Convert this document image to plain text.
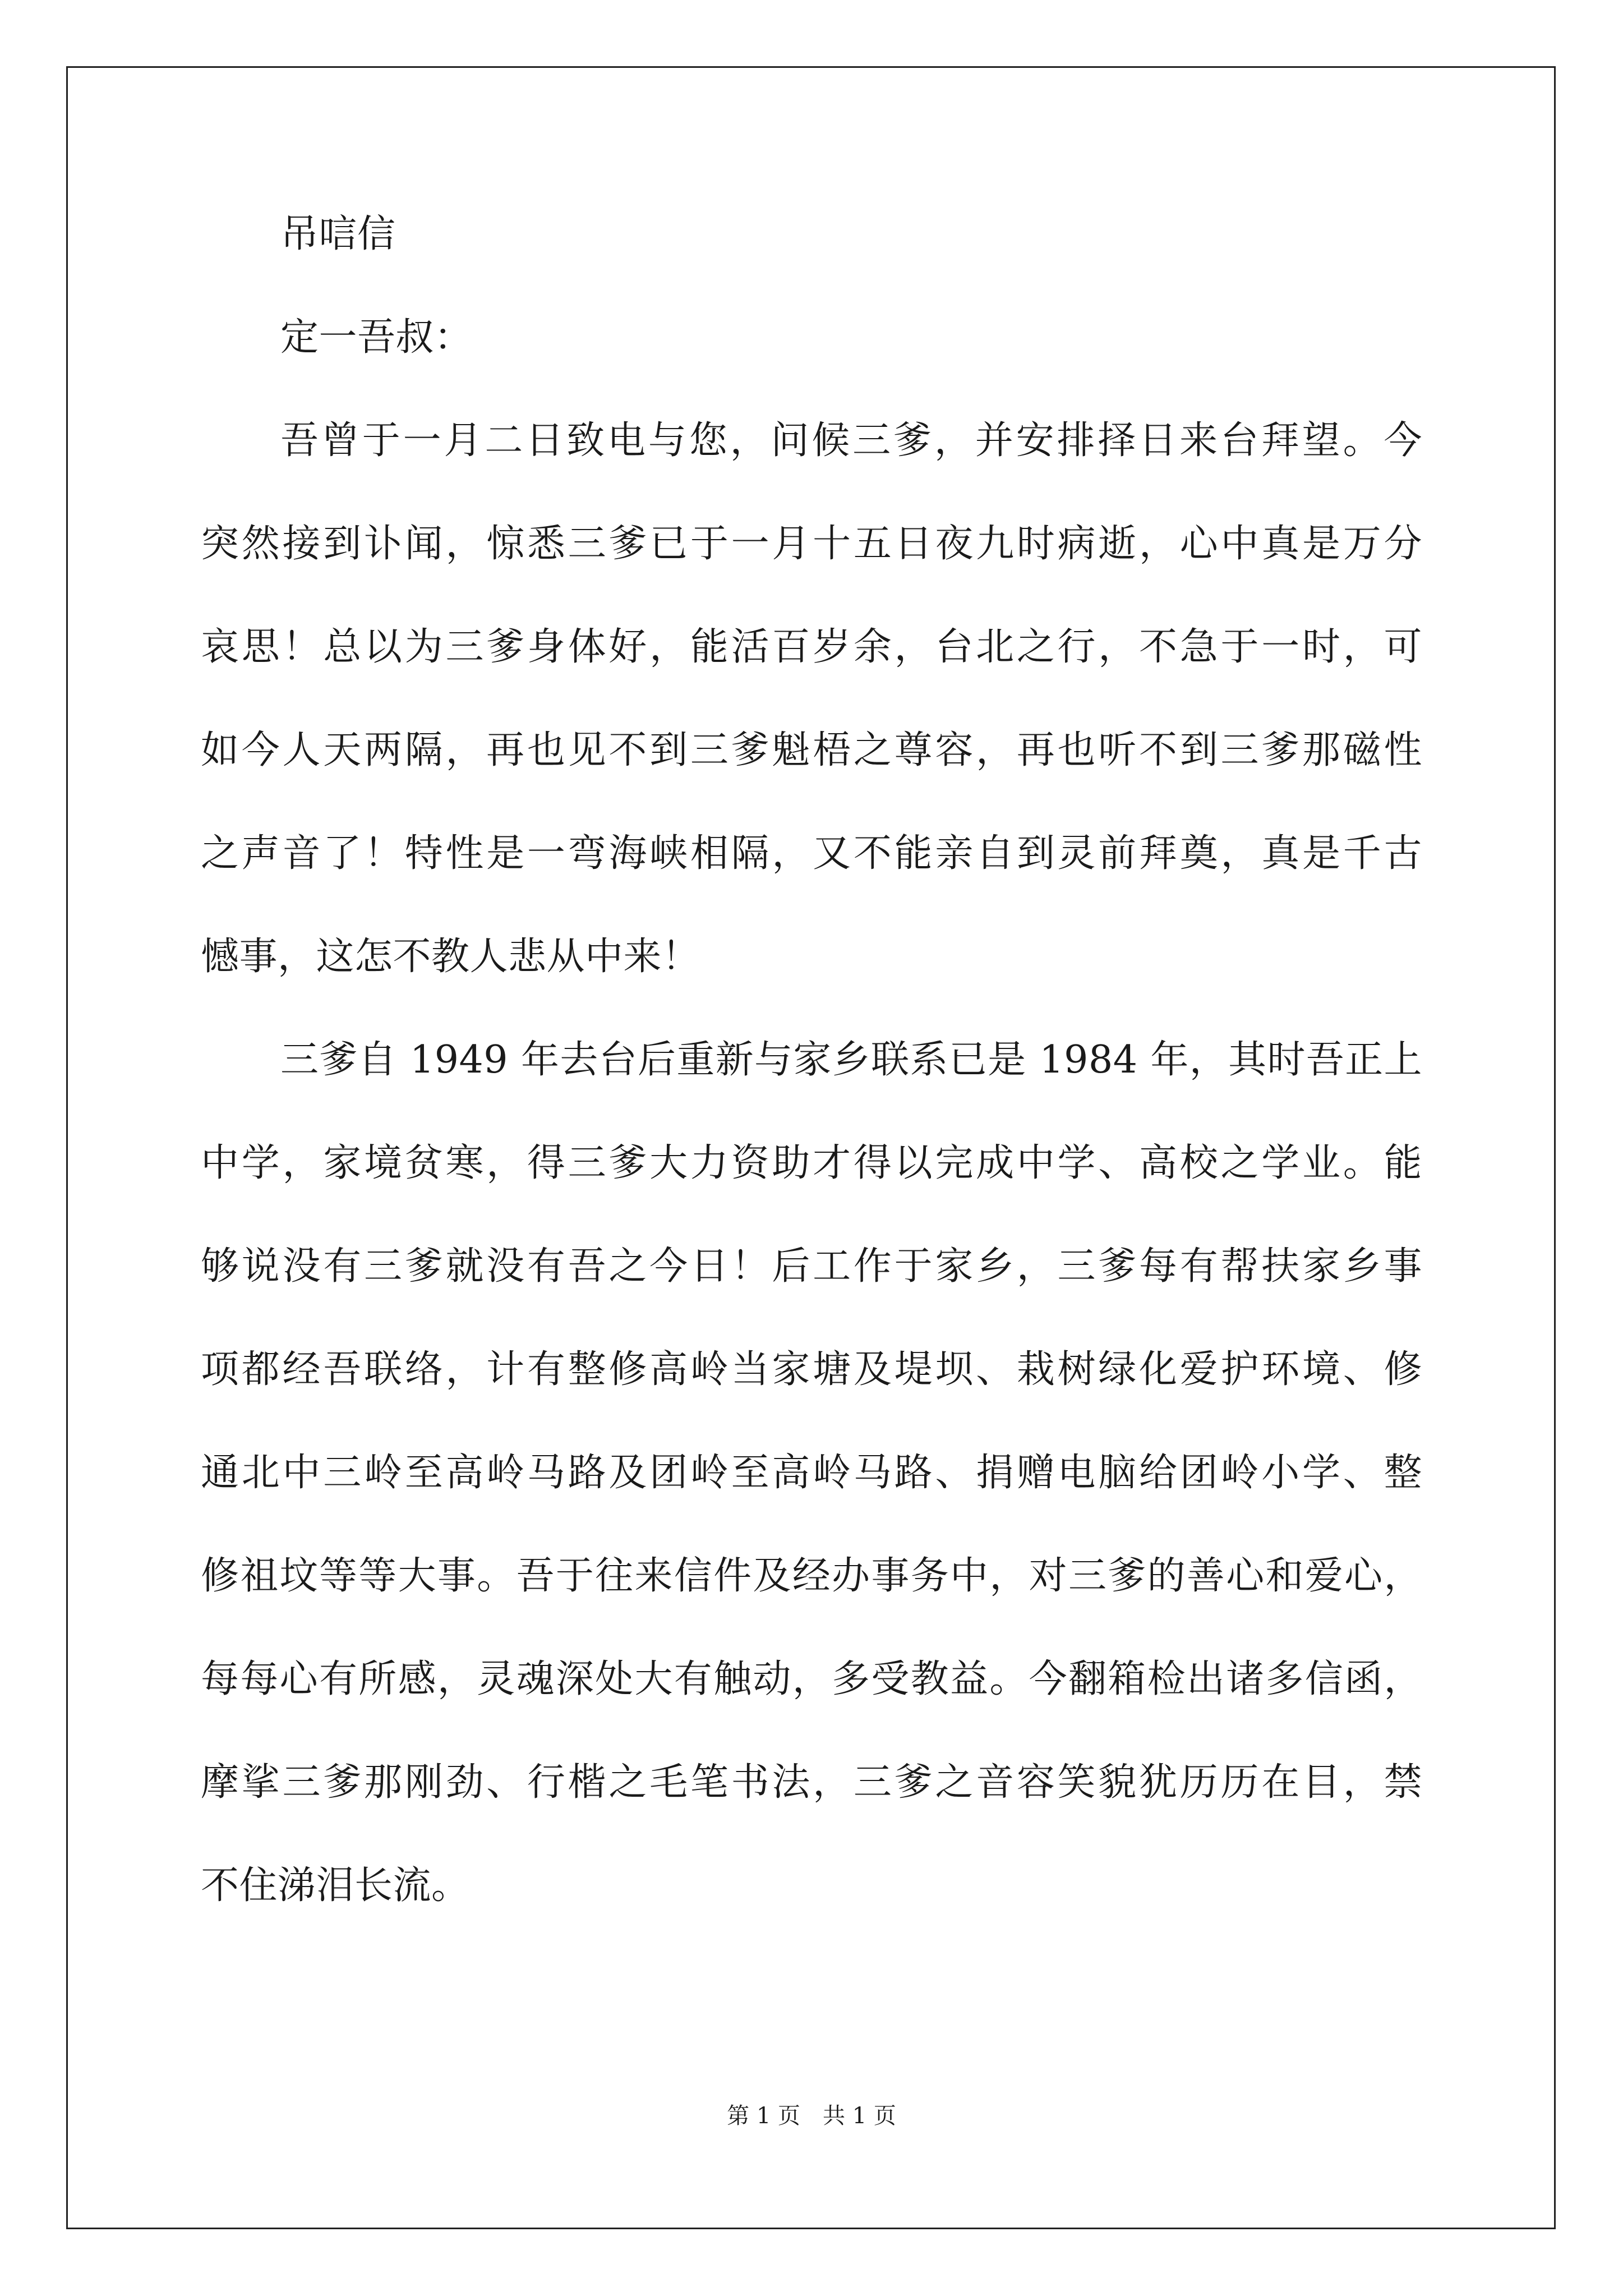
吊唁信
定一吾叔：
吾曾于一月二日致电与您，问候三爹，并安排择日来台拜望。今
突然接到讣闻，惊悉三爹已于一月十五日夜九时病逝，心中真是万分
哀思！总以为三爹身体好，能活百岁余，台北之行，不急于一时，可
如今人天两隔，再也见不到三爹魁梧之尊容，再也听不到三爹那磁性
之声音了！特性是一弯海峡相隔，又不能亲自到灵前拜奠，真是千古
憾事，这怎不教人悲从中来！
三爹自 1949 年去台后重新与家乡联系已是 1984 年，其时吾正上
中学，家境贫寒，得三爹大力资助才得以完成中学、高校之学业。能
够说没有三爹就没有吾之今日！后工作于家乡，三爹每有帮扶家乡事
项都经吾联络，计有整修高岭当家塘及堤坝、栽树绿化爱护环境、修
通北中三岭至高岭马路及团岭至高岭马路、捐赠电脑给团岭小学、整
修祖坟等等大事。吾于往来信件及经办事务中，对三爹的善心和爱心，
每每心有所感，灵魂深处大有触动，多受教益。今翻箱检出诸多信函，
摩挲三爹那刚劲、行楷之毛笔书法，三爹之音容笑貌犹历历在目，禁
不住涕泪长流。
第 1 页 共 1 页
